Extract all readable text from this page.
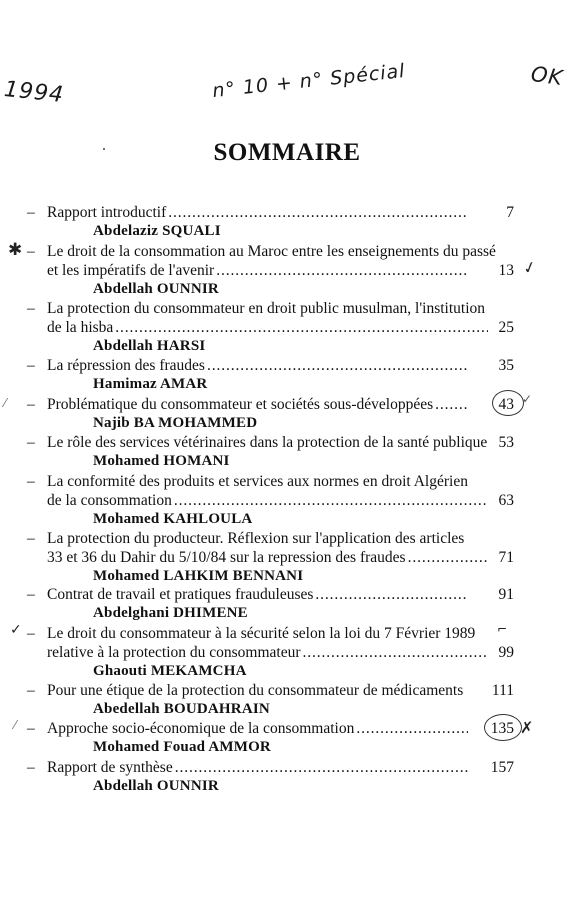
1994	n° 10 + n° Spécial	OK
SOMMAIRE
– Rapport introductif . . .	7
Abdelaziz SQUALI
– Le droit de la consommation au Maroc entre les enseignements du passé
et les impératifs de l'avenir . . .	13
Abdellah OUNNIR
– La protection du consommateur en droit public musulman, l'institution
de la hisba . . .	25
Abdellah HARSI
– La répression des fraudes . . .	35
Hamimaz AMAR
– Problématique du consommateur et sociétés sous-développées . . .	43
Najib BA MOHAMMED
– Le rôle des services vétérinaires dans la protection de la santé publique 53
Mohamed HOMANI
– La conformité des produits et services aux normes en droit Algérien
de la consommation . . .	63
Mohamed KAHLOULA
– La protection du producteur. Réflexion sur l'application des articles
33 et 36 du Dahir du 5/10/84 sur la repression des fraudes . . .	71
Mohamed LAHKIM BENNANI
– Contrat de travail et pratiques frauduleuses . . .	91
Abdelghani DHIMENE
– Le droit du consommateur à la sécurité selon la loi du 7 Février 1989
relative à la protection du consommateur . . .	99
Ghaouti MEKAMCHA
– Pour une étique de la protection du consommateur de médicaments	111
Abedellah BOUDAHRAIN
– Approche socio-économique de la consommation . . .	135
Mohamed Fouad AMMOR
– Rapport de synthèse . . .	157
Abdellah OUNNIR
✱
✓
⁄	✓
✓	⌐
⁄	✗
